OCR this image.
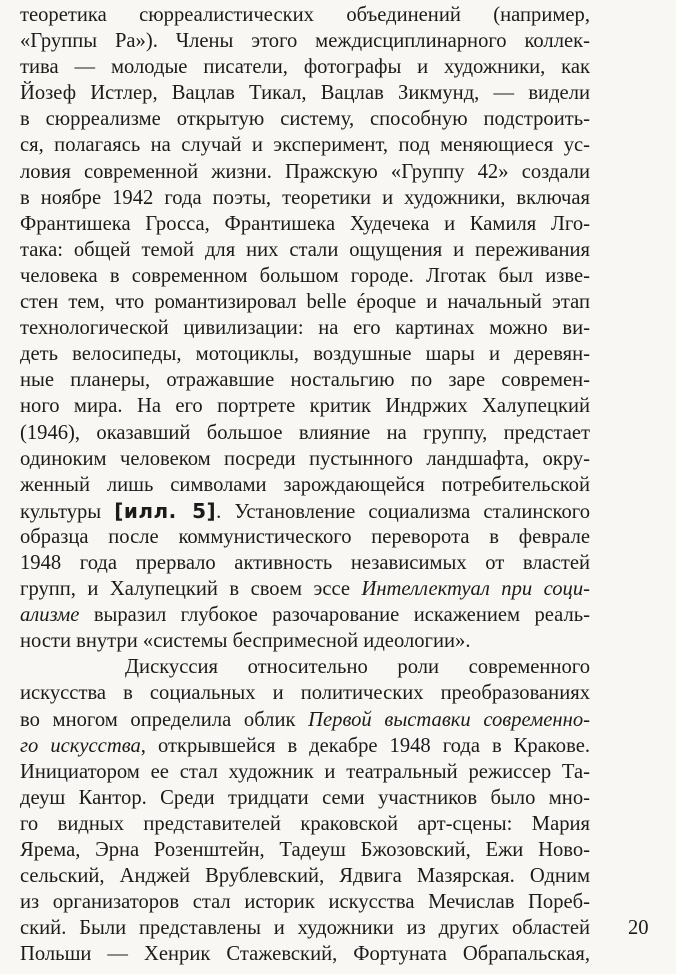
теоретика сюрреалистических объединений (например,
«Группы Ра»). Члены этого междисциплинарного коллек-
тива — молодые писатели, фотографы и художники, как
Йозеф Истлер, Вацлав Тикал, Вацлав Зикмунд, — видели
в сюрреализме открытую систему, способную подстроить-
ся, полагаясь на случай и эксперимент, под меняющиеся ус-
ловия современной жизни. Пражскую «Группу 42» создали
в ноябре 1942 года поэты, теоретики и художники, включая
Франтишека Гросса, Франтишека Худечека и Камиля Лго-
така: общей темой для них стали ощущения и переживания
человека в современном большом городе. Лготак был изве-
стен тем, что романтизировал belle époque и начальный этап
технологической цивилизации: на его картинах можно ви-
деть велосипеды, мотоциклы, воздушные шары и деревян-
ные планеры, отражавшие ностальгию по заре современ-
ного мира. На его портрете критик Индржих Халупецкий
(1946), оказавший большое влияние на группу, предстает
одиноким человеком посреди пустынного ландшафта, окру-
женный лишь символами зарождающейся потребительской
культуры [илл. 5]. Установление социализма сталинского
образца после коммунистического переворота в феврале
1948 года прервало активность независимых от властей
групп, и Халупецкий в своем эссе Интеллектуал при соци-
ализме выразил глубокое разочарование искажением реаль-
ности внутри «системы беспримесной идеологии».
Дискуссия относительно роли современного
искусства в социальных и политических преобразованиях
во многом определила облик Первой выставки современно-
го искусства, открывшейся в декабре 1948 года в Кракове.
Инициатором ее стал художник и театральный режиссер Та-
деуш Кантор. Среди тридцати семи участников было мно-
го видных представителей краковской арт-сцены: Мария
Ярема, Эрна Розенштейн, Тадеуш Бжозовский, Ежи Ново-
сельский, Анджей Врублевский, Ядвига Мазярская. Одним
из организаторов стал историк искусства Мечислав Пореб-
ский. Были представлены и художники из других областей
Польши — Хенрик Стажевский, Фортуната Обрапальская,
20
